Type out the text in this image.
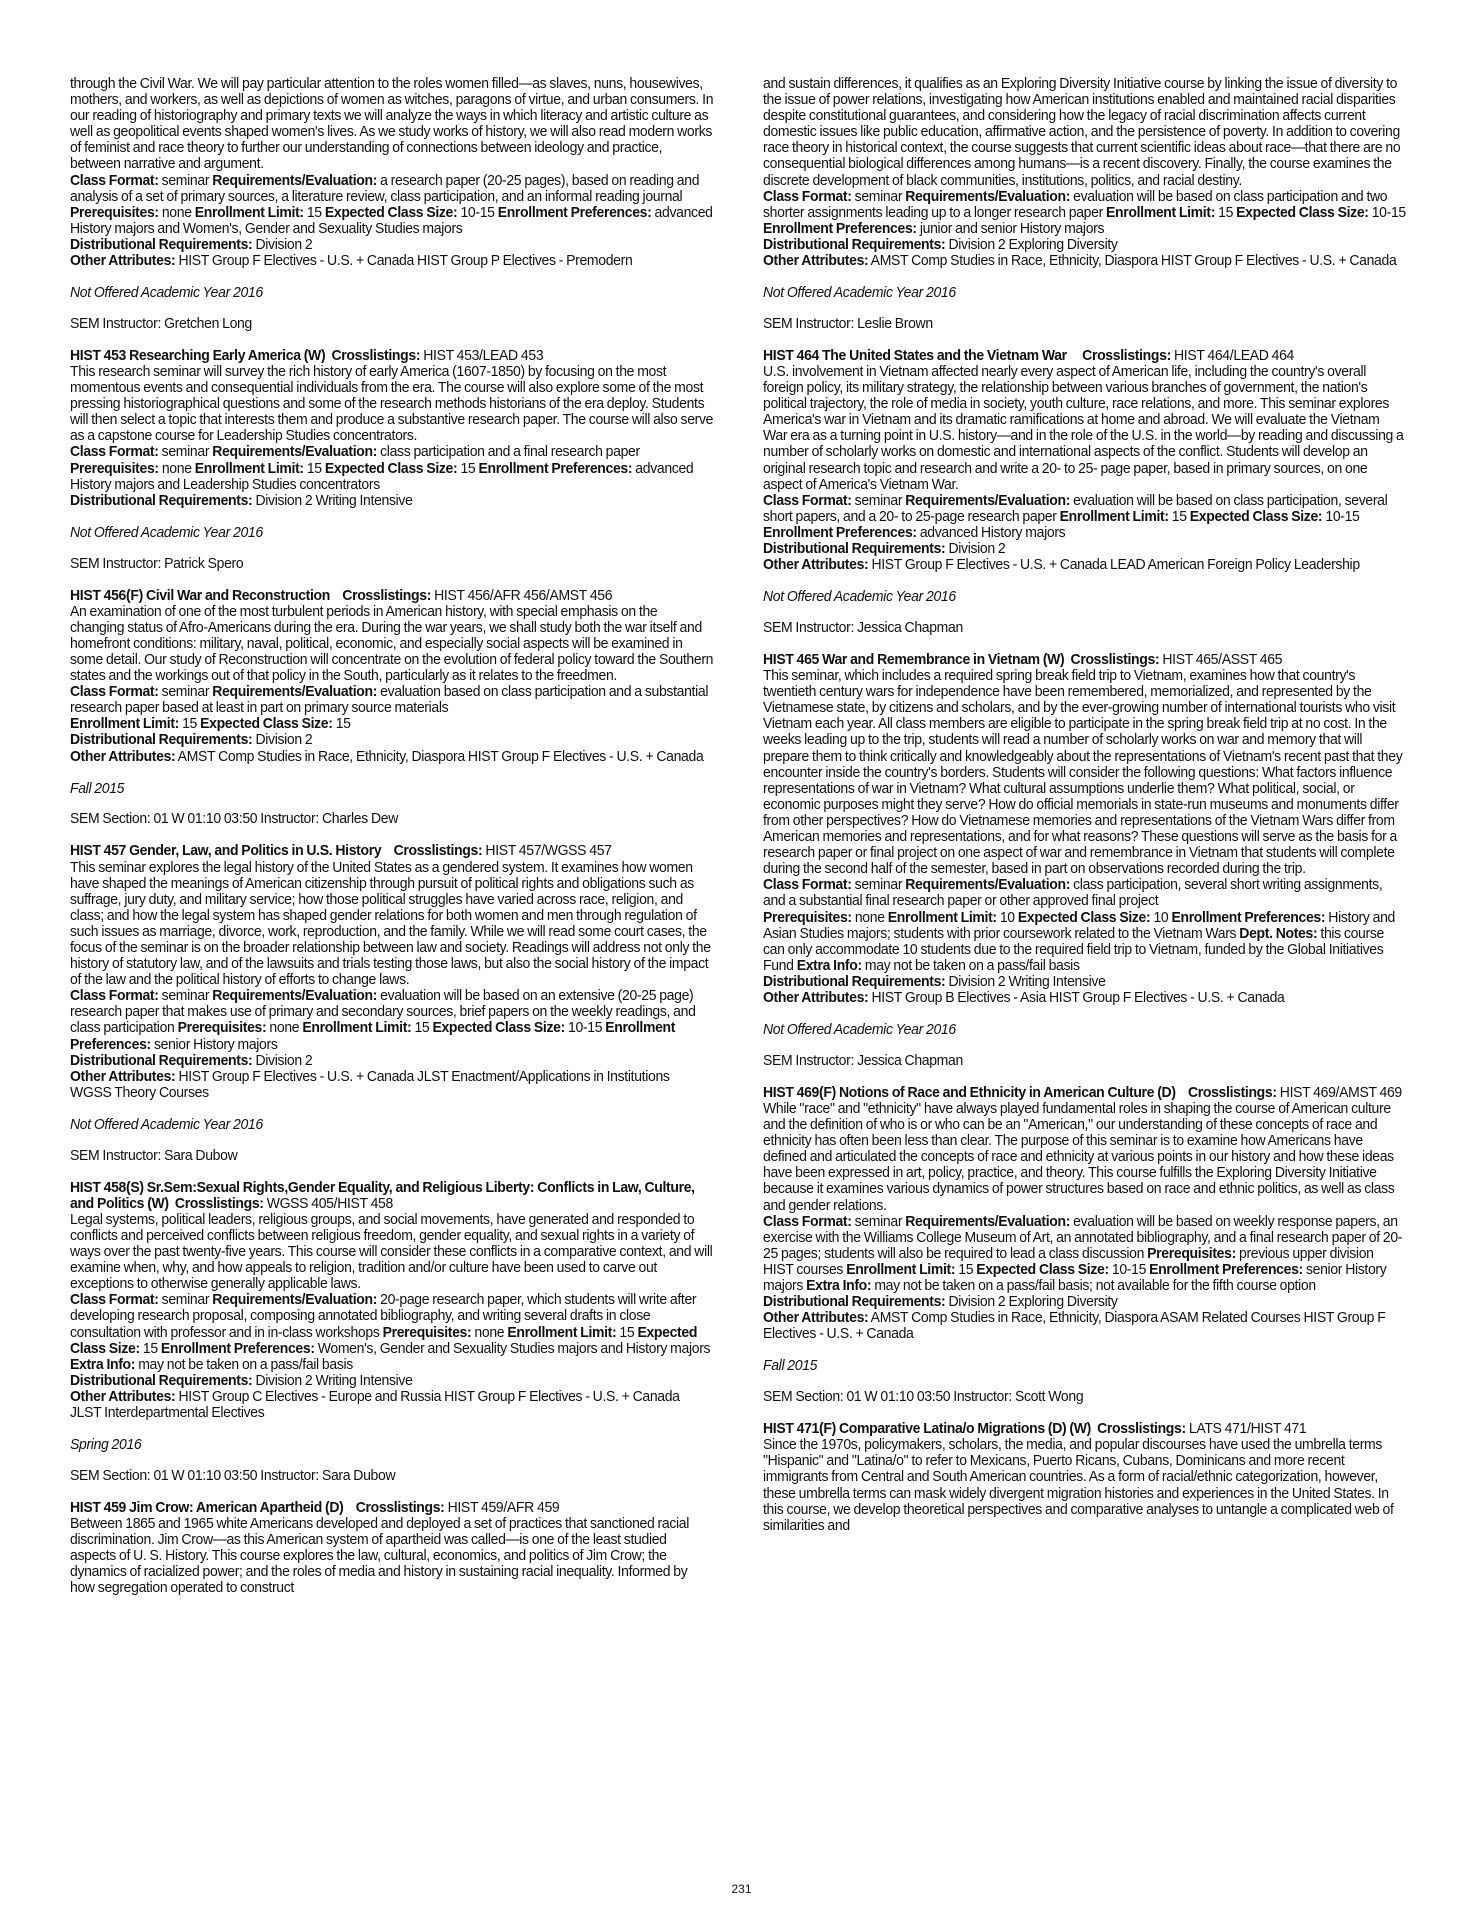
through the Civil War. We will pay particular attention to the roles women filled—as slaves, nuns, housewives, mothers, and workers, as well as depictions of women as witches, paragons of virtue, and urban consumers. In our reading of historiography and primary texts we will analyze the ways in which literacy and artistic culture as well as geopolitical events shaped women's lives. As we study works of history, we will also read modern works of feminist and race theory to further our understanding of connections between ideology and practice, between narrative and argument.

Class Format: seminar Requirements/Evaluation: a research paper (20-25 pages), based on reading and analysis of a set of primary sources, a literature review, class participation, and an informal reading journal Prerequisites: none Enrollment Limit: 15 Expected Class Size: 10-15 Enrollment Preferences: advanced History majors and Women's, Gender and Sexuality Studies majors

Distributional Requirements: Division 2

Other Attributes: HIST Group F Electives - U.S. + Canada HIST Group P Electives - Premodern

Not Offered Academic Year 2016

SEM Instructor: Gretchen Long

HIST 453 Researching Early America (W) Crosslistings: HIST 453/LEAD 453

This research seminar will survey the rich history of early America (1607-1850) by focusing on the most momentous events and consequential individuals from the era. The course will also explore some of the most pressing historiographical questions and some of the research methods historians of the era deploy. Students will then select a topic that interests them and produce a substantive research paper. The course will also serve as a capstone course for Leadership Studies concentrators.

Class Format: seminar Requirements/Evaluation: class participation and a final research paper Prerequisites: none Enrollment Limit: 15 Expected Class Size: 15 Enrollment Preferences: advanced History majors and Leadership Studies concentrators

Distributional Requirements: Division 2 Writing Intensive

Not Offered Academic Year 2016

SEM Instructor: Patrick Spero

HIST 456(F) Civil War and Reconstruction Crosslistings: HIST 456/AFR 456/AMST 456

An examination of one of the most turbulent periods in American history, with special emphasis on the changing status of Afro-Americans during the era. During the war years, we shall study both the war itself and homefront conditions: military, naval, political, economic, and especially social aspects will be examined in some detail. Our study of Reconstruction will concentrate on the evolution of federal policy toward the Southern states and the workings out of that policy in the South, particularly as it relates to the freedmen.

Class Format: seminar Requirements/Evaluation: evaluation based on class participation and a substantial research paper based at least in part on primary source materials

Enrollment Limit: 15 Expected Class Size: 15

Distributional Requirements: Division 2

Other Attributes: AMST Comp Studies in Race, Ethnicity, Diaspora HIST Group F Electives - U.S. + Canada

Fall 2015

SEM Section: 01 W 01:10 03:50 Instructor: Charles Dew

HIST 457 Gender, Law, and Politics in U.S. History Crosslistings: HIST 457/WGSS 457

This seminar explores the legal history of the United States as a gendered system. It examines how women have shaped the meanings of American citizenship through pursuit of political rights and obligations such as suffrage, jury duty, and military service; how those political struggles have varied across race, religion, and class; and how the legal system has shaped gender relations for both women and men through regulation of such issues as marriage, divorce, work, reproduction, and the family. While we will read some court cases, the focus of the seminar is on the broader relationship between law and society. Readings will address not only the history of statutory law, and of the lawsuits and trials testing those laws, but also the social history of the impact of the law and the political history of efforts to change laws.

Class Format: seminar Requirements/Evaluation: evaluation will be based on an extensive (20-25 page) research paper that makes use of primary and secondary sources, brief papers on the weekly readings, and class participation Prerequisites: none Enrollment Limit: 15 Expected Class Size: 10-15 Enrollment Preferences: senior History majors

Distributional Requirements: Division 2

Other Attributes: HIST Group F Electives - U.S. + Canada JLST Enactment/Applications in Institutions WGSS Theory Courses

Not Offered Academic Year 2016

SEM Instructor: Sara Dubow

HIST 458(S) Sr.Sem:Sexual Rights,Gender Equality, and Religious Liberty: Conflicts in Law, Culture, and Politics (W) Crosslistings: WGSS 405/HIST 458

Legal systems, political leaders, religious groups, and social movements, have generated and responded to conflicts and perceived conflicts between religious freedom, gender equality, and sexual rights in a variety of ways over the past twenty-five years. This course will consider these conflicts in a comparative context, and will examine when, why, and how appeals to religion, tradition and/or culture have been used to carve out exceptions to otherwise generally applicable laws.

Class Format: seminar Requirements/Evaluation: 20-page research paper, which students will write after developing research proposal, composing annotated bibliography, and writing several drafts in close consultation with professor and in in-class workshops Prerequisites: none Enrollment Limit: 15 Expected Class Size: 15 Enrollment Preferences: Women's, Gender and Sexuality Studies majors and History majors Extra Info: may not be taken on a pass/fail basis

Distributional Requirements: Division 2 Writing Intensive

Other Attributes: HIST Group C Electives - Europe and Russia HIST Group F Electives - U.S. + Canada JLST Interdepartmental Electives

Spring 2016

SEM Section: 01 W 01:10 03:50 Instructor: Sara Dubow

HIST 459 Jim Crow: American Apartheid (D) Crosslistings: HIST 459/AFR 459

Between 1865 and 1965 white Americans developed and deployed a set of practices that sanctioned racial discrimination. Jim Crow—as this American system of apartheid was called—is one of the least studied aspects of U. S. History. This course explores the law, cultural, economics, and politics of Jim Crow; the dynamics of racialized power; and the roles of media and history in sustaining racial inequality. Informed by how segregation operated to construct

and sustain differences, it qualifies as an Exploring Diversity Initiative course by linking the issue of diversity to the issue of power relations, investigating how American institutions enabled and maintained racial disparities despite constitutional guarantees, and considering how the legacy of racial discrimination affects current domestic issues like public education, affirmative action, and the persistence of poverty. In addition to covering race theory in historical context, the course suggests that current scientific ideas about race—that there are no consequential biological differences among humans—is a recent discovery. Finally, the course examines the discrete development of black communities, institutions, politics, and racial destiny.

Class Format: seminar Requirements/Evaluation: evaluation will be based on class participation and two shorter assignments leading up to a longer research paper Enrollment Limit: 15 Expected Class Size: 10-15 Enrollment Preferences: junior and senior History majors

Distributional Requirements: Division 2 Exploring Diversity

Other Attributes: AMST Comp Studies in Race, Ethnicity, Diaspora HIST Group F Electives - U.S. + Canada

Not Offered Academic Year 2016

SEM Instructor: Leslie Brown

HIST 464 The United States and the Vietnam War Crosslistings: HIST 464/LEAD 464

U.S. involvement in Vietnam affected nearly every aspect of American life, including the country's overall foreign policy, its military strategy, the relationship between various branches of government, the nation's political trajectory, the role of media in society, youth culture, race relations, and more. This seminar explores America's war in Vietnam and its dramatic ramifications at home and abroad. We will evaluate the Vietnam War era as a turning point in U.S. history—and in the role of the U.S. in the world—by reading and discussing a number of scholarly works on domestic and international aspects of the conflict. Students will develop an original research topic and research and write a 20- to 25- page paper, based in primary sources, on one aspect of America's Vietnam War.

Class Format: seminar Requirements/Evaluation: evaluation will be based on class participation, several short papers, and a 20- to 25-page research paper Enrollment Limit: 15 Expected Class Size: 10-15 Enrollment Preferences: advanced History majors

Distributional Requirements: Division 2

Other Attributes: HIST Group F Electives - U.S. + Canada LEAD American Foreign Policy Leadership

Not Offered Academic Year 2016

SEM Instructor: Jessica Chapman

HIST 465 War and Remembrance in Vietnam (W) Crosslistings: HIST 465/ASST 465

This seminar, which includes a required spring break field trip to Vietnam, examines how that country's twentieth century wars for independence have been remembered, memorialized, and represented by the Vietnamese state, by citizens and scholars, and by the ever-growing number of international tourists who visit Vietnam each year. All class members are eligible to participate in the spring break field trip at no cost. In the weeks leading up to the trip, students will read a number of scholarly works on war and memory that will prepare them to think critically and knowledgeably about the representations of Vietnam's recent past that they encounter inside the country's borders. Students will consider the following questions: What factors influence representations of war in Vietnam? What cultural assumptions underlie them? What political, social, or economic purposes might they serve? How do official memorials in state-run museums and monuments differ from other perspectives? How do Vietnamese memories and representations of the Vietnam Wars differ from American memories and representations, and for what reasons? These questions will serve as the basis for a research paper or final project on one aspect of war and remembrance in Vietnam that students will complete during the second half of the semester, based in part on observations recorded during the trip.

Class Format: seminar Requirements/Evaluation: class participation, several short writing assignments, and a substantial final research paper or other approved final project

Prerequisites: none Enrollment Limit: 10 Expected Class Size: 10 Enrollment Preferences: History and Asian Studies majors; students with prior coursework related to the Vietnam Wars Dept. Notes: this course can only accommodate 10 students due to the required field trip to Vietnam, funded by the Global Initiatives Fund Extra Info: may not be taken on a pass/fail basis

Distributional Requirements: Division 2 Writing Intensive

Other Attributes: HIST Group B Electives - Asia HIST Group F Electives - U.S. + Canada

Not Offered Academic Year 2016

SEM Instructor: Jessica Chapman

HIST 469(F) Notions of Race and Ethnicity in American Culture (D) Crosslistings: HIST 469/AMST 469

While "race" and "ethnicity" have always played fundamental roles in shaping the course of American culture and the definition of who is or who can be an "American," our understanding of these concepts of race and ethnicity has often been less than clear. The purpose of this seminar is to examine how Americans have defined and articulated the concepts of race and ethnicity at various points in our history and how these ideas have been expressed in art, policy, practice, and theory. This course fulfills the Exploring Diversity Initiative because it examines various dynamics of power structures based on race and ethnic politics, as well as class and gender relations.

Class Format: seminar Requirements/Evaluation: evaluation will be based on weekly response papers, an exercise with the Williams College Museum of Art, an annotated bibliography, and a final research paper of 20-25 pages; students will also be required to lead a class discussion Prerequisites: previous upper division HIST courses Enrollment Limit: 15 Expected Class Size: 10-15 Enrollment Preferences: senior History majors Extra Info: may not be taken on a pass/fail basis; not available for the fifth course option

Distributional Requirements: Division 2 Exploring Diversity

Other Attributes: AMST Comp Studies in Race, Ethnicity, Diaspora ASAM Related Courses HIST Group F Electives - U.S. + Canada

Fall 2015

SEM Section: 01 W 01:10 03:50 Instructor: Scott Wong

HIST 471(F) Comparative Latina/o Migrations (D) (W) Crosslistings: LATS 471/HIST 471

Since the 1970s, policymakers, scholars, the media, and popular discourses have used the umbrella terms "Hispanic" and "Latina/o" to refer to Mexicans, Puerto Ricans, Cubans, Dominicans and more recent immigrants from Central and South American countries. As a form of racial/ethnic categorization, however, these umbrella terms can mask widely divergent migration histories and experiences in the United States. In this course, we develop theoretical perspectives and comparative analyses to untangle a complicated web of similarities and

231
